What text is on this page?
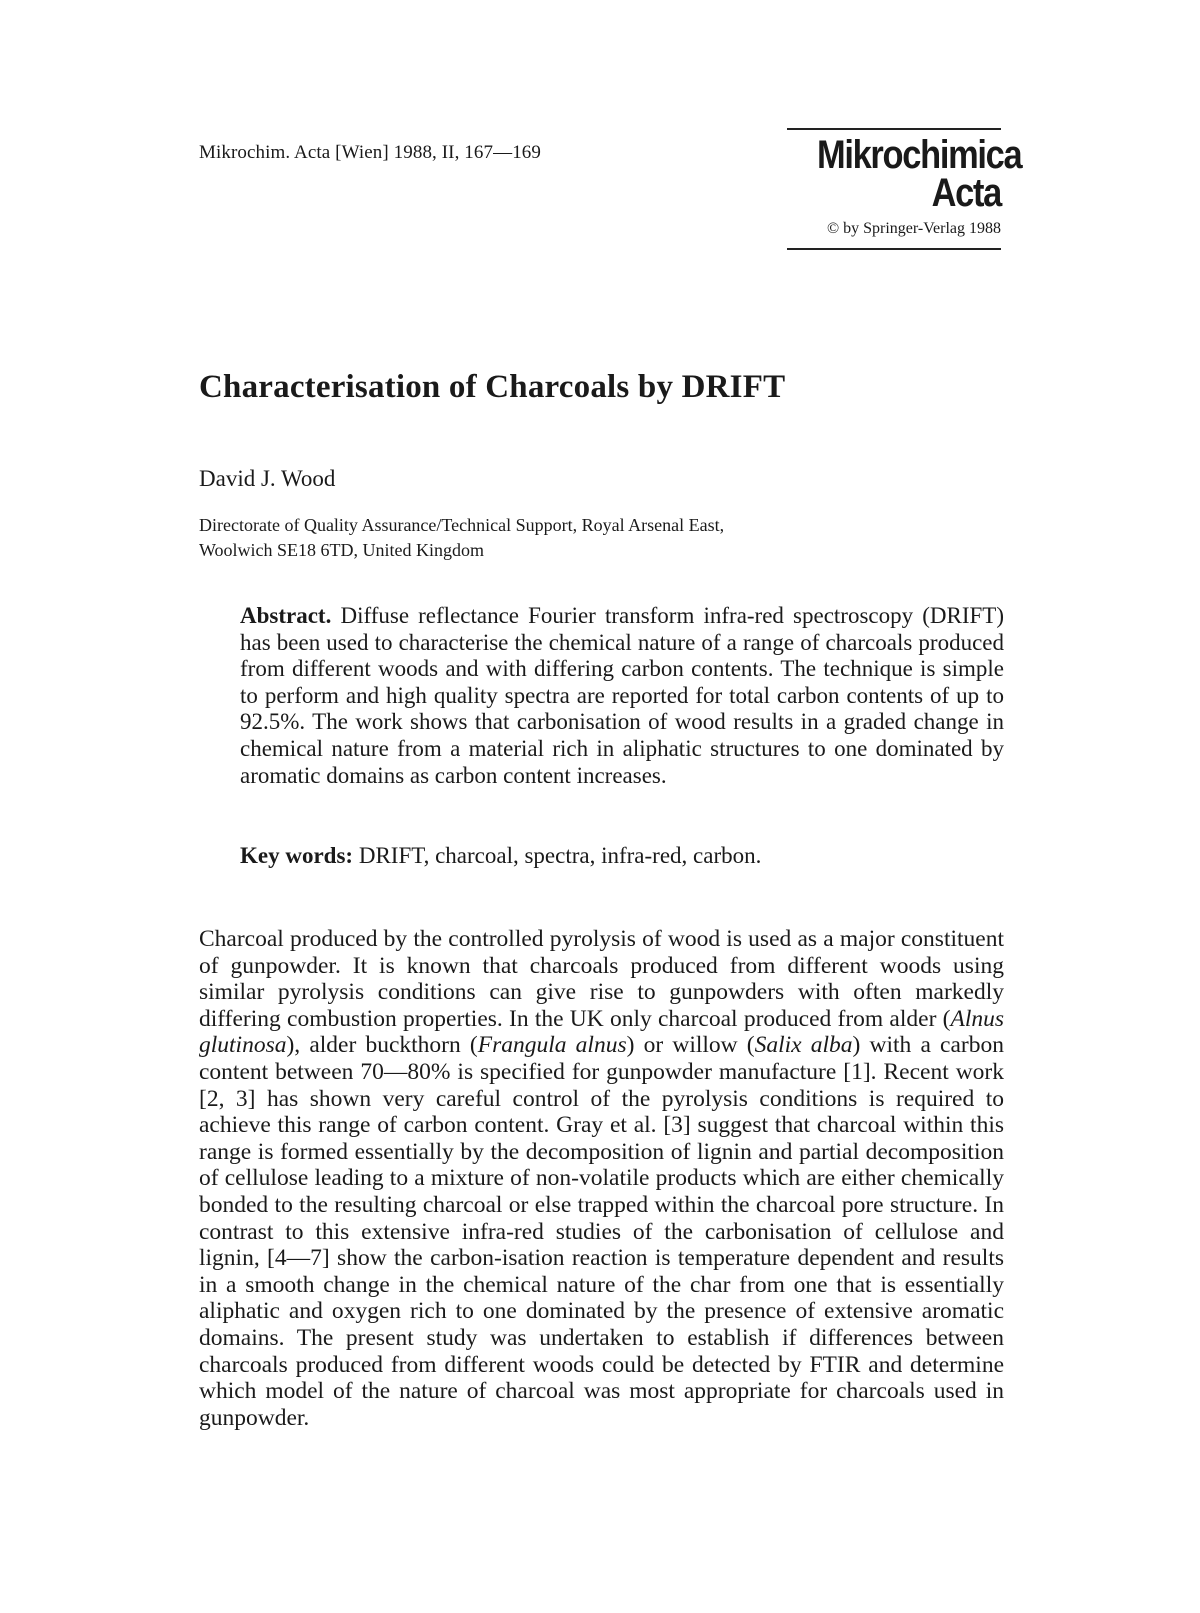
Mikrochim. Acta [Wien] 1988, II, 167—169	Mikrochimica
Acta
© by Springer-Verlag 1988
Characterisation of Charcoals by DRIFT
David J. Wood
Directorate of Quality Assurance/Technical Support, Royal Arsenal East,
Woolwich SE18 6TD, United Kingdom

Abstract. Diffuse reflectance Fourier transform infra-red spectroscopy (DRIFT) has been used to characterise the chemical nature of a range of charcoals produced from different woods and with differing carbon contents. The technique is simple to perform and high quality spectra are reported for total carbon contents of up to 92.5%. The work shows that carbonisation of wood results in a graded change in chemical nature from a material rich in aliphatic structures to one dominated by aromatic domains as carbon content increases.

Key words: DRIFT, charcoal, spectra, infra-red, carbon.

Charcoal produced by the controlled pyrolysis of wood is used as a major constituent of gunpowder. It is known that charcoals produced from different woods using similar pyrolysis conditions can give rise to gunpowders with often markedly differing combustion properties. In the UK only charcoal produced from alder (Alnus glutinosa), alder buckthorn (Frangula alnus) or willow (Salix alba) with a carbon content between 70—80% is specified for gunpowder manufacture [1]. Recent work [2, 3] has shown very careful control of the pyrolysis conditions is required to achieve this range of carbon content. Gray et al. [3] suggest that charcoal within this range is formed essentially by the decomposition of lignin and partial decomposition of cellulose leading to a mixture of non-volatile products which are either chemically bonded to the resulting charcoal or else trapped within the charcoal pore structure. In contrast to this extensive infra-red studies of the carbonisation of cellulose and lignin, [4—7] show the carbon-isation reaction is temperature dependent and results in a smooth change in the chemical nature of the char from one that is essentially aliphatic and oxygen rich to one dominated by the presence of extensive aromatic domains. The present study was undertaken to establish if differences between charcoals produced from different woods could be detected by FTIR and determine which model of the nature of charcoal was most appropriate for charcoals used in gunpowder.
